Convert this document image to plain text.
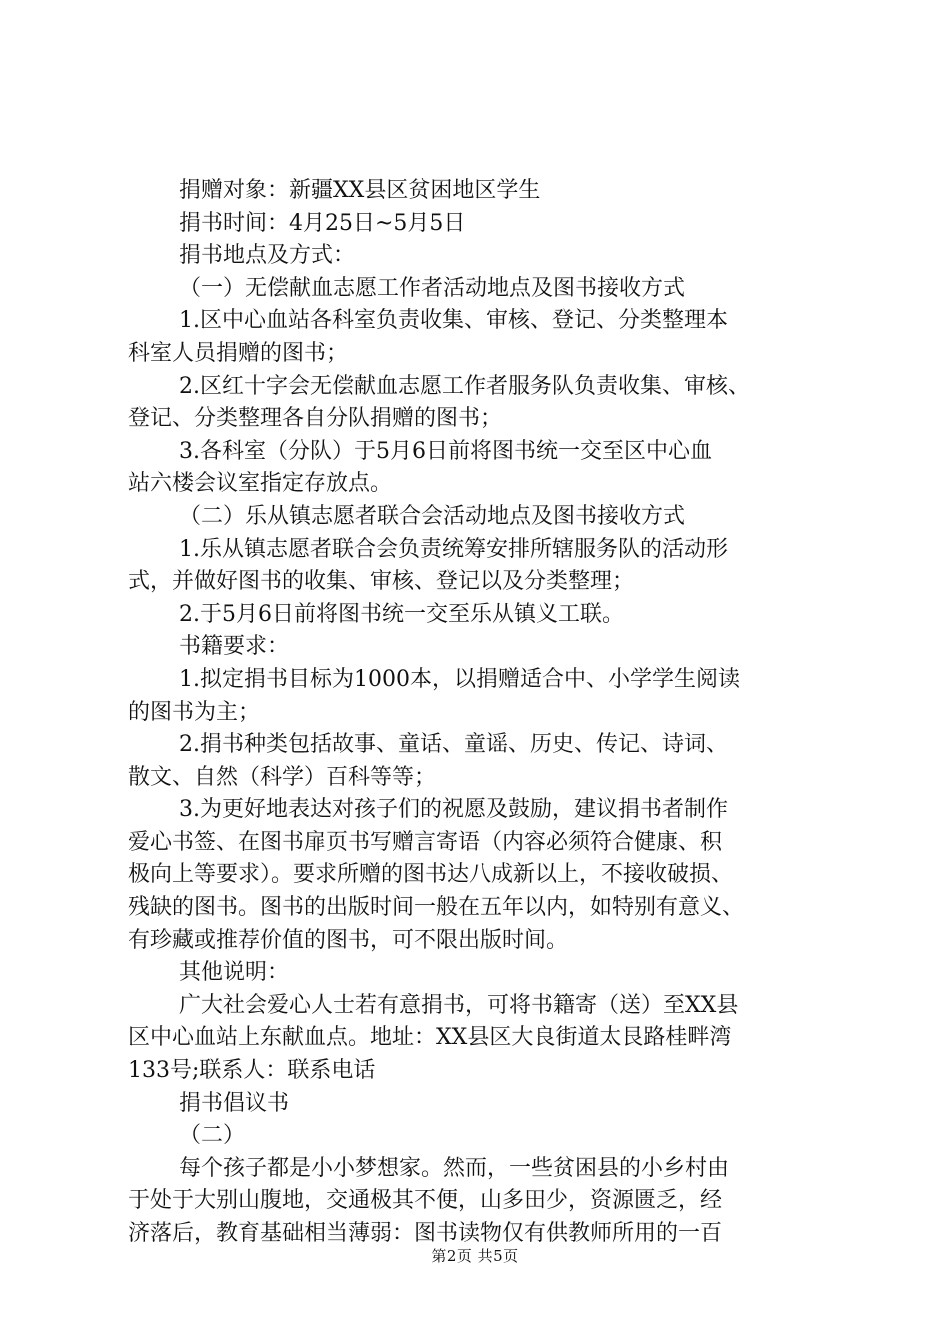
捐赠对象：新疆XX县区贫困地区学生
捐书时间：4月25日~5月5日
捐书地点及方式：
（一）无偿献血志愿工作者活动地点及图书接收方式
1.区中心血站各科室负责收集、审核、登记、分类整理本
科室人员捐赠的图书；
2.区红十字会无偿献血志愿工作者服务队负责收集、审核、
登记、分类整理各自分队捐赠的图书；
3.各科室（分队）于5月6日前将图书统一交至区中心血
站六楼会议室指定存放点。
（二）乐从镇志愿者联合会活动地点及图书接收方式
1.乐从镇志愿者联合会负责统筹安排所辖服务队的活动形
式，并做好图书的收集、审核、登记以及分类整理；
2.于5月6日前将图书统一交至乐从镇义工联。
书籍要求：
1.拟定捐书目标为1000本，以捐赠适合中、小学学生阅读
的图书为主；
2.捐书种类包括故事、童话、童谣、历史、传记、诗词、
散文、自然（科学）百科等等；
3.为更好地表达对孩子们的祝愿及鼓励，建议捐书者制作
爱心书签、在图书扉页书写赠言寄语（内容必须符合健康、积
极向上等要求）。要求所赠的图书达八成新以上，不接收破损、
残缺的图书。图书的出版时间一般在五年以内，如特别有意义、
有珍藏或推荐价值的图书，可不限出版时间。
其他说明：
广大社会爱心人士若有意捐书，可将书籍寄（送）至XX县
区中心血站上东献血点。地址：XX县区大良街道太艮路桂畔湾
133号;联系人：联系电话
捐书倡议书
（二）
每个孩子都是小小梦想家。然而，一些贫困县的小乡村由
于处于大别山腹地，交通极其不便，山多田少，资源匮乏，经
济落后，教育基础相当薄弱：图书读物仅有供教师所用的一百
第2页 共5页
